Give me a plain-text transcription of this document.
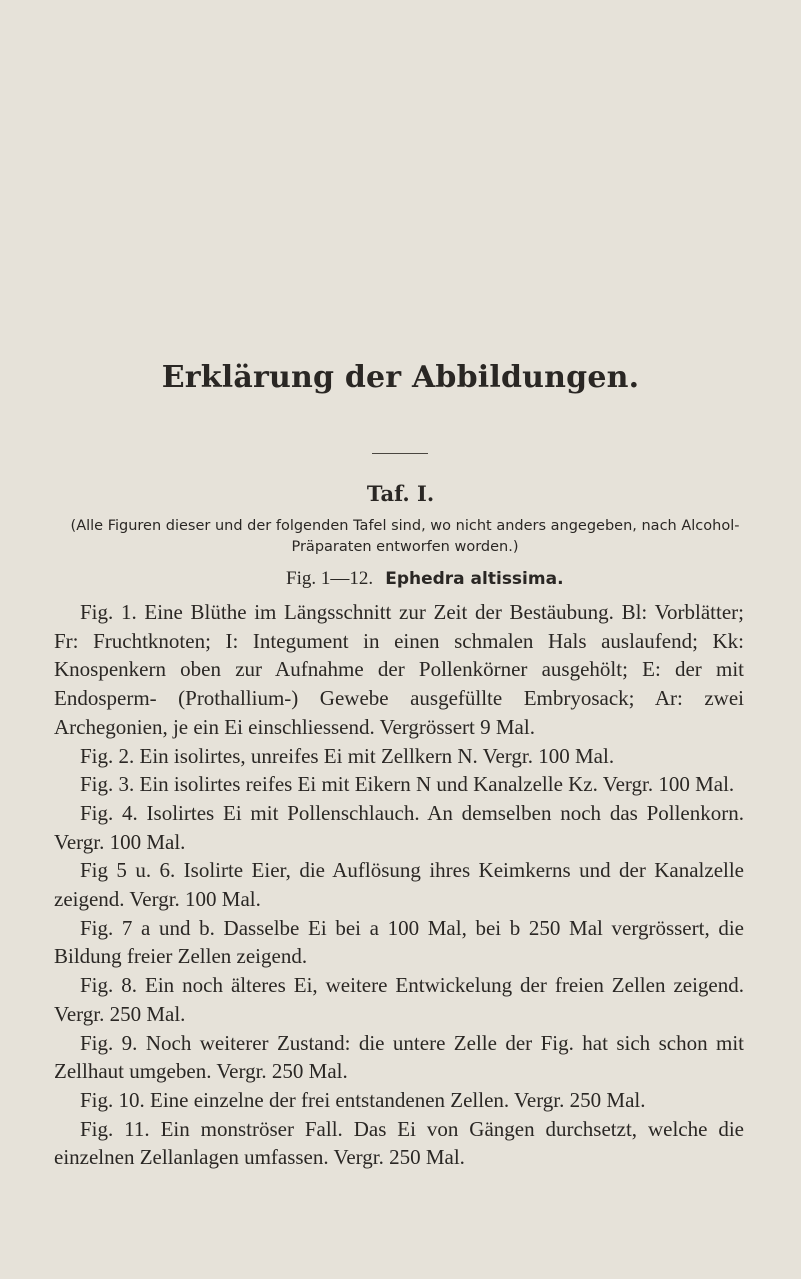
Erklärung der Abbildungen.
Taf. I.

(Alle Figuren dieser und der folgenden Tafel sind, wo nicht anders angegeben, nach Alcohol-Präparaten entworfen worden.)

Fig. 1—12. Ephedra altissima.

Fig. 1. Eine Blüthe im Längsschnitt zur Zeit der Bestäubung. Bl: Vorblätter; Fr: Fruchtknoten; I: Integument in einen schmalen Hals auslaufend; Kk: Knospenkern oben zur Aufnahme der Pollenkörner ausgehölt; E: der mit Endosperm- (Prothallium-) Gewebe ausgefüllte Embryosack; Ar: zwei Archegonien, je ein Ei einschliessend. Vergrössert 9 Mal.

Fig. 2. Ein isolirtes, unreifes Ei mit Zellkern N. Vergr. 100 Mal.

Fig. 3. Ein isolirtes reifes Ei mit Eikern N und Kanalzelle Kz. Vergr. 100 Mal.

Fig. 4. Isolirtes Ei mit Pollenschlauch. An demselben noch das Pollenkorn. Vergr. 100 Mal.

Fig 5 u. 6. Isolirte Eier, die Auflösung ihres Keimkerns und der Kanalzelle zeigend. Vergr. 100 Mal.

Fig. 7 a und b. Dasselbe Ei bei a 100 Mal, bei b 250 Mal vergrössert, die Bildung freier Zellen zeigend.

Fig. 8. Ein noch älteres Ei, weitere Entwickelung der freien Zellen zeigend. Vergr. 250 Mal.

Fig. 9. Noch weiterer Zustand: die untere Zelle der Fig. hat sich schon mit Zellhaut umgeben. Vergr. 250 Mal.

Fig. 10. Eine einzelne der frei entstandenen Zellen. Vergr. 250 Mal.

Fig. 11. Ein monströser Fall. Das Ei von Gängen durchsetzt, welche die einzelnen Zellanlagen umfassen. Vergr. 250 Mal.
